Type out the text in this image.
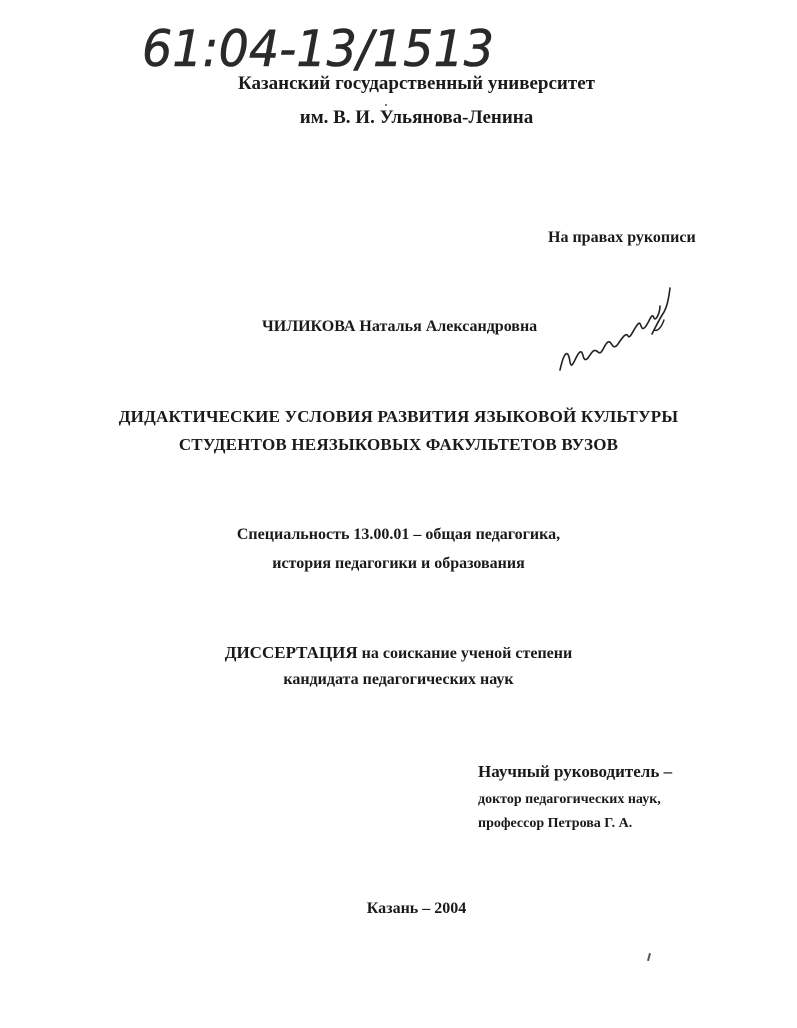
61:04-13/1513
Казанский государственный университет
им. В. И. Ульянова-Ленина
На правах рукописи
ЧИЛИКОВА Наталья Александровна
ДИДАКТИЧЕСКИЕ УСЛОВИЯ РАЗВИТИЯ ЯЗЫКОВОЙ КУЛЬТУРЫ
СТУДЕНТОВ НЕЯЗЫКОВЫХ ФАКУЛЬТЕТОВ ВУЗОВ
Специальность 13.00.01 – общая педагогика,
история педагогики и образования
ДИССЕРТАЦИЯ на соискание ученой степени
кандидата педагогических наук
Научный руководитель –
доктор педагогических наук,
профессор Петрова Г. А.
Казань – 2004
